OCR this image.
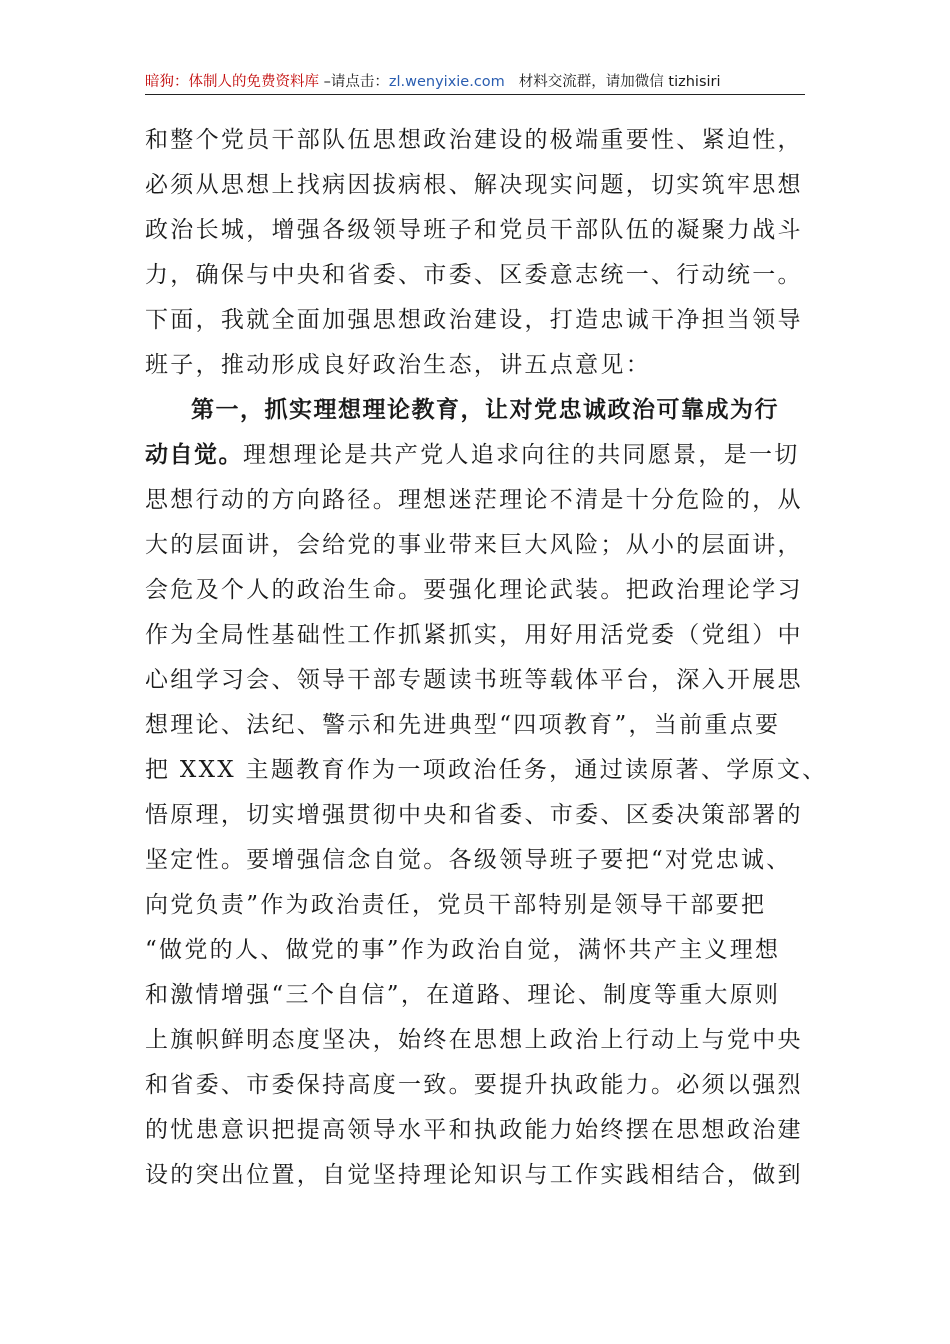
暗狗：体制人的免费资料库 –请点击：zl.wenyixie.com 材料交流群，请加微信 tizhisiri
和整个党员干部队伍思想政治建设的极端重要性、紧迫性，
必须从思想上找病因拔病根、解决现实问题，切实筑牢思想
政治长城，增强各级领导班子和党员干部队伍的凝聚力战斗
力，确保与中央和省委、市委、区委意志统一、行动统一。
下面，我就全面加强思想政治建设，打造忠诚干净担当领导
班子，推动形成良好政治生态，讲五点意见：
第一，抓实理想理论教育，让对党忠诚政治可靠成为行
动自觉。理想理论是共产党人追求向往的共同愿景，是一切
思想行动的方向路径。理想迷茫理论不清是十分危险的，从
大的层面讲，会给党的事业带来巨大风险；从小的层面讲，
会危及个人的政治生命。要强化理论武装。把政治理论学习
作为全局性基础性工作抓紧抓实，用好用活党委（党组）中
心组学习会、领导干部专题读书班等载体平台，深入开展思
想理论、法纪、警示和先进典型“四项教育”，当前重点要
把 XXX 主题教育作为一项政治任务，通过读原著、学原文、
悟原理，切实增强贯彻中央和省委、市委、区委决策部署的
坚定性。要增强信念自觉。各级领导班子要把“对党忠诚、
向党负责”作为政治责任，党员干部特别是领导干部要把
“做党的人、做党的事”作为政治自觉，满怀共产主义理想
和激情增强“三个自信”，在道路、理论、制度等重大原则
上旗帜鲜明态度坚决，始终在思想上政治上行动上与党中央
和省委、市委保持高度一致。要提升执政能力。必须以强烈
的忧患意识把提高领导水平和执政能力始终摆在思想政治建
设的突出位置，自觉坚持理论知识与工作实践相结合，做到
